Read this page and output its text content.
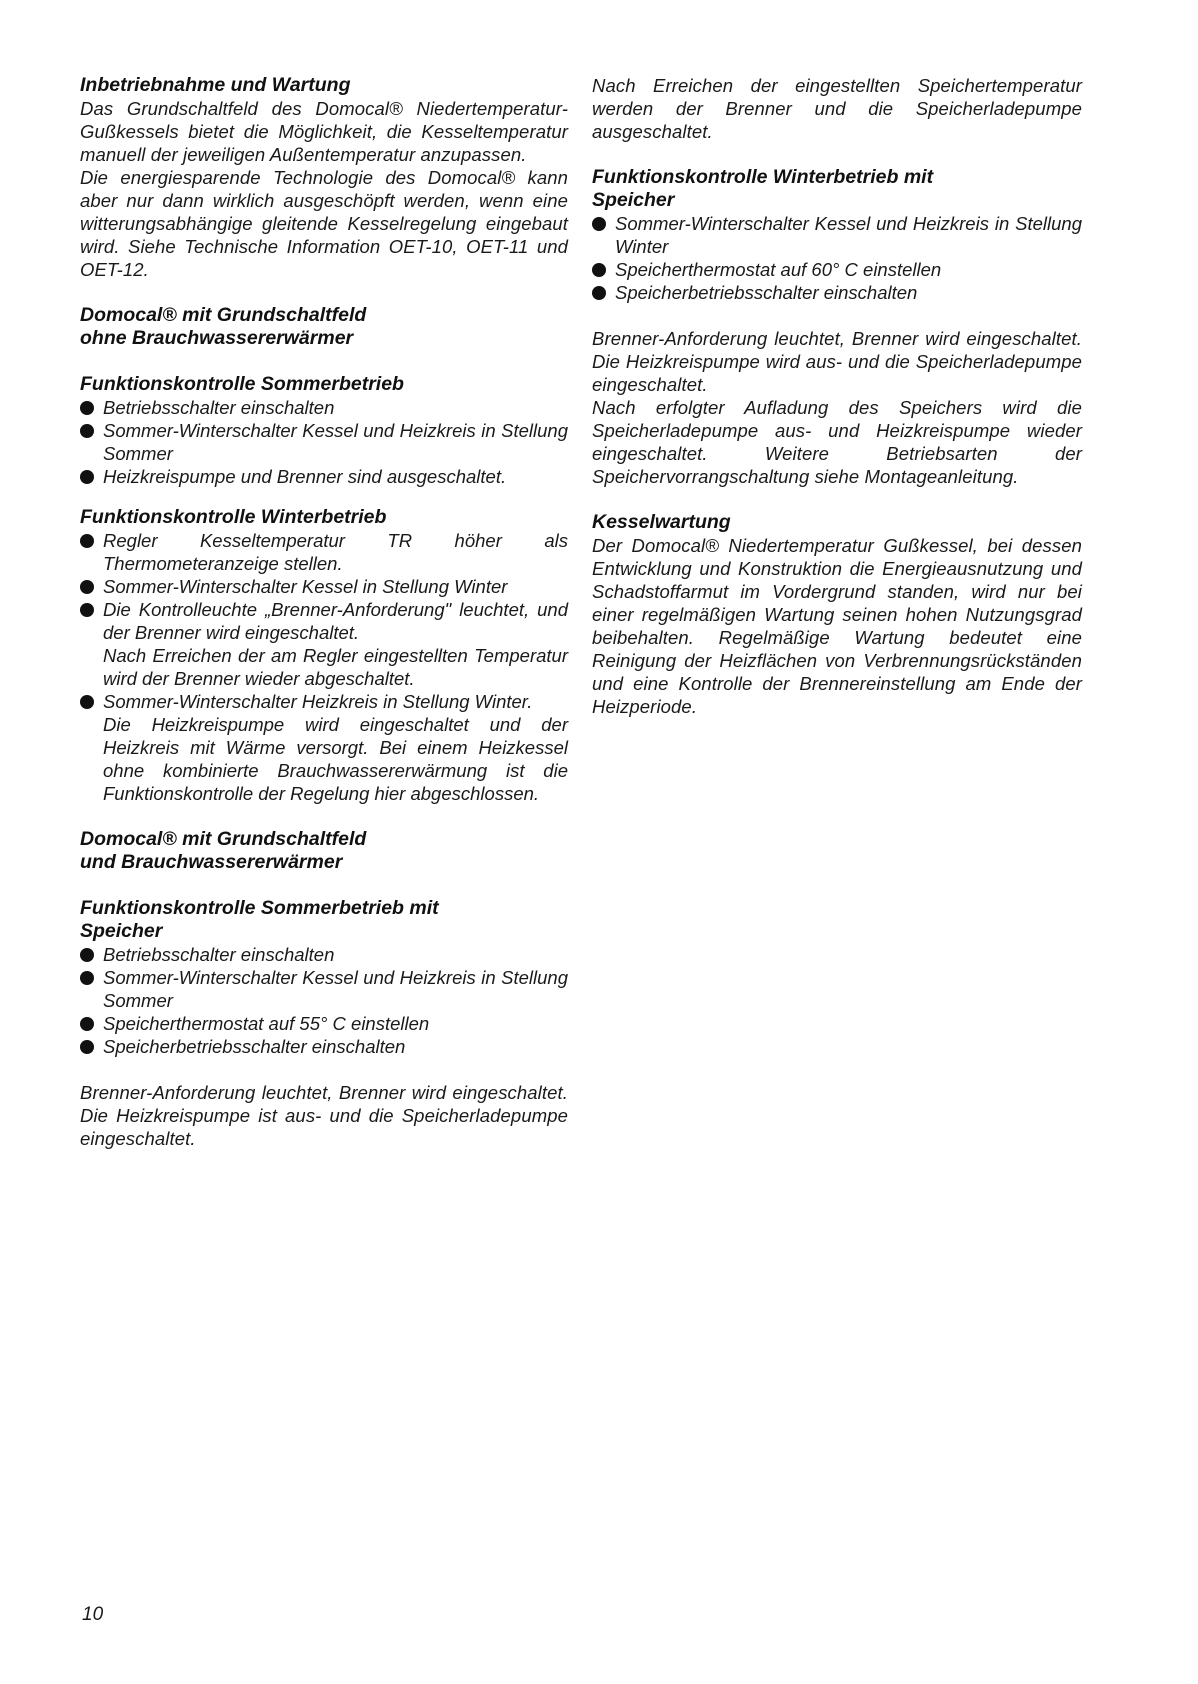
Inbetriebnahme und Wartung

Das Grundschaltfeld des Domocal® Niedertemperatur-Gußkessels bietet die Möglichkeit, die Kesseltemperatur manuell der jeweiligen Außentemperatur anzupassen.

Die energiesparende Technologie des Domocal® kann aber nur dann wirklich ausgeschöpft werden, wenn eine witterungsabhängige gleitende Kesselregelung eingebaut wird. Siehe Technische Information OET-10, OET-11 und OET-12.

Domocal® mit Grundschaltfeld
ohne Brauchwassererwärmer
Funktionskontrolle Sommerbetrieb
Betriebsschalter einschalten
Sommer-Winterschalter Kessel und Heizkreis in Stellung Sommer
Heizkreispumpe und Brenner sind ausgeschaltet.
Funktionskontrolle Winterbetrieb
Regler Kesseltemperatur TR höher als Thermometeranzeige stellen.
Sommer-Winterschalter Kessel in Stellung Winter
Die Kontrolleuchte „Brenner-Anforderung" leuchtet, und der Brenner wird eingeschaltet.
Nach Erreichen der am Regler eingestellten Temperatur wird der Brenner wieder abgeschaltet.
Sommer-Winterschalter Heizkreis in Stellung Winter.
Die Heizkreispumpe wird eingeschaltet und der Heizkreis mit Wärme versorgt. Bei einem Heizkessel ohne kombinierte Brauchwassererwärmung ist die Funktionskontrolle der Regelung hier abgeschlossen.
Domocal® mit Grundschaltfeld
und Brauchwassererwärmer
Funktionskontrolle Sommerbetrieb mit
Speicher
Betriebsschalter einschalten
Sommer-Winterschalter Kessel und Heizkreis in Stellung Sommer
Speicherthermostat auf 55° C einstellen
Speicherbetriebsschalter einschalten

Brenner-Anforderung leuchtet, Brenner wird eingeschaltet. Die Heizkreispumpe ist aus- und die Speicherladepumpe eingeschaltet.

Nach Erreichen der eingestellten Speichertemperatur werden der Brenner und die Speicherladepumpe ausgeschaltet.

Funktionskontrolle Winterbetrieb mit
Speicher
Sommer-Winterschalter Kessel und Heizkreis in Stellung Winter
Speicherthermostat auf 60° C einstellen
Speicherbetriebsschalter einschalten

Brenner-Anforderung leuchtet, Brenner wird eingeschaltet. Die Heizkreispumpe wird aus- und die Speicherladepumpe eingeschaltet.

Nach erfolgter Aufladung des Speichers wird die Speicherladepumpe aus- und Heizkreispumpe wieder eingeschaltet. Weitere Betriebsarten der Speichervorrangschaltung siehe Montageanleitung.

Kesselwartung

Der Domocal® Niedertemperatur Gußkessel, bei dessen Entwicklung und Konstruktion die Energieausnutzung und Schadstoffarmut im Vordergrund standen, wird nur bei einer regelmäßigen Wartung seinen hohen Nutzungsgrad beibehalten. Regelmäßige Wartung bedeutet eine Reinigung der Heizflächen von Verbrennungsrückständen und eine Kontrolle der Brennereinstellung am Ende der Heizperiode.

10
